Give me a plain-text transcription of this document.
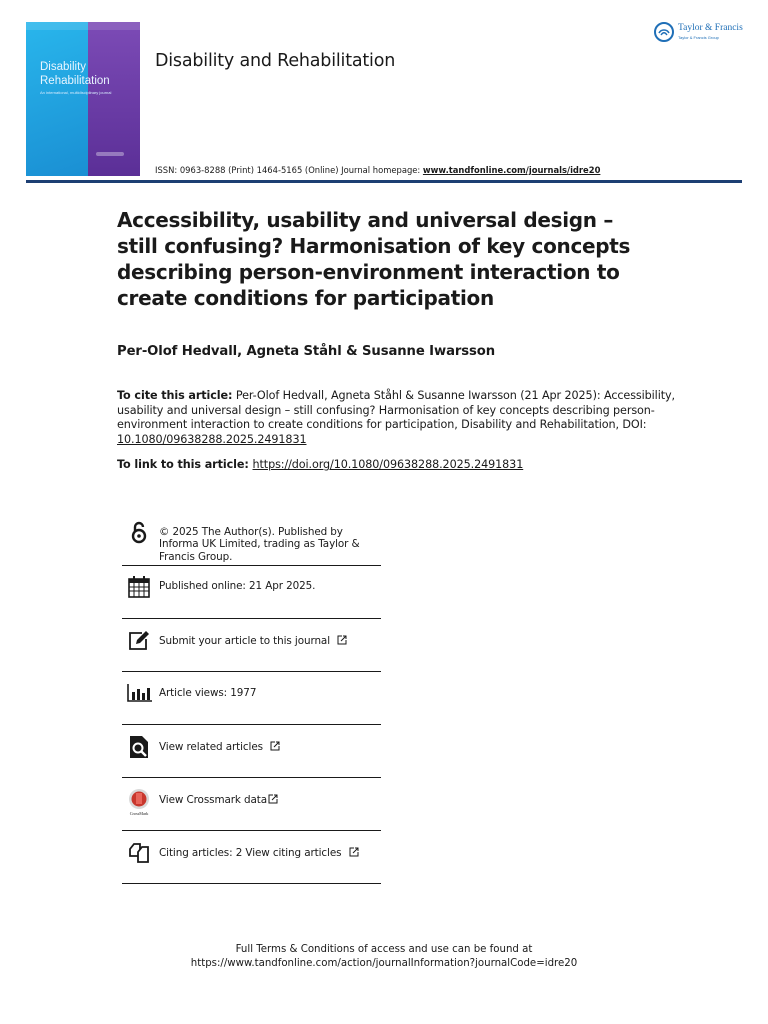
Disability
Rehabilitation
An international, multidisciplinary journal
Disability and Rehabilitation
ISSN: 0963-8288 (Print) 1464-5165 (Online) Journal homepage: www.tandfonline.com/journals/idre20
Taylor & Francis
Taylor & Francis Group
Accessibility, usability and universal design – still confusing? Harmonisation of key concepts describing person-environment interaction to create conditions for participation
Per-Olof Hedvall, Agneta Ståhl & Susanne Iwarsson
To cite this article: Per-Olof Hedvall, Agneta Ståhl & Susanne Iwarsson (21 Apr 2025): Accessibility, usability and universal design – still confusing? Harmonisation of key concepts describing person-environment interaction to create conditions for participation, Disability and Rehabilitation, DOI: 10.1080/09638288.2025.2491831
To link to this article: https://doi.org/10.1080/09638288.2025.2491831
© 2025 The Author(s). Published by Informa UK Limited, trading as Taylor & Francis Group.
Published online: 21 Apr 2025.
Submit your article to this journal
Article views: 1977
View related articles
CrossMark
View Crossmark data
Citing articles: 2 View citing articles
Full Terms & Conditions of access and use can be found at
https://www.tandfonline.com/action/journalInformation?journalCode=idre20
